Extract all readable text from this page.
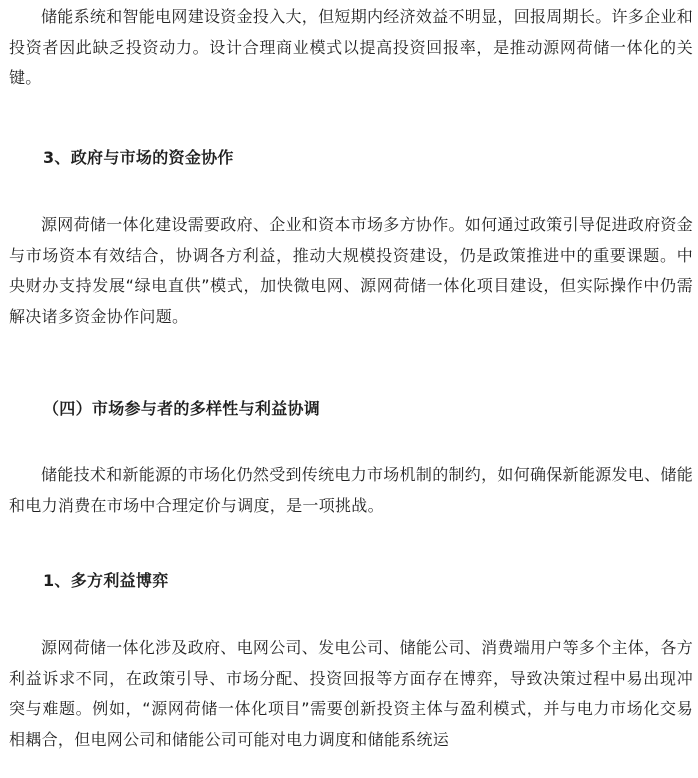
储能系统和智能电网建设资金投入大，但短期内经济效益不明显，回报周期长。许多企业和投资者因此缺乏投资动力。设计合理商业模式以提高投资回报率，是推动源网荷储一体化的关键。

3、政府与市场的资金协作

源网荷储一体化建设需要政府、企业和资本市场多方协作。如何通过政策引导促进政府资金与市场资本有效结合，协调各方利益，推动大规模投资建设，仍是政策推进中的重要课题。中央财办支持发展“绿电直供”模式，加快微电网、源网荷储一体化项目建设，但实际操作中仍需解决诸多资金协作问题。

（四）市场参与者的多样性与利益协调

储能技术和新能源的市场化仍然受到传统电力市场机制的制约，如何确保新能源发电、储能和电力消费在市场中合理定价与调度，是一项挑战。

1、多方利益博弈

源网荷储一体化涉及政府、电网公司、发电公司、储能公司、消费端用户等多个主体，各方利益诉求不同，在政策引导、市场分配、投资回报等方面存在博弈，导致决策过程中易出现冲突与难题。例如，“源网荷储一体化项目”需要创新投资主体与盈利模式，并与电力市场化交易相耦合，但电网公司和储能公司可能对电力调度和储能系统运
